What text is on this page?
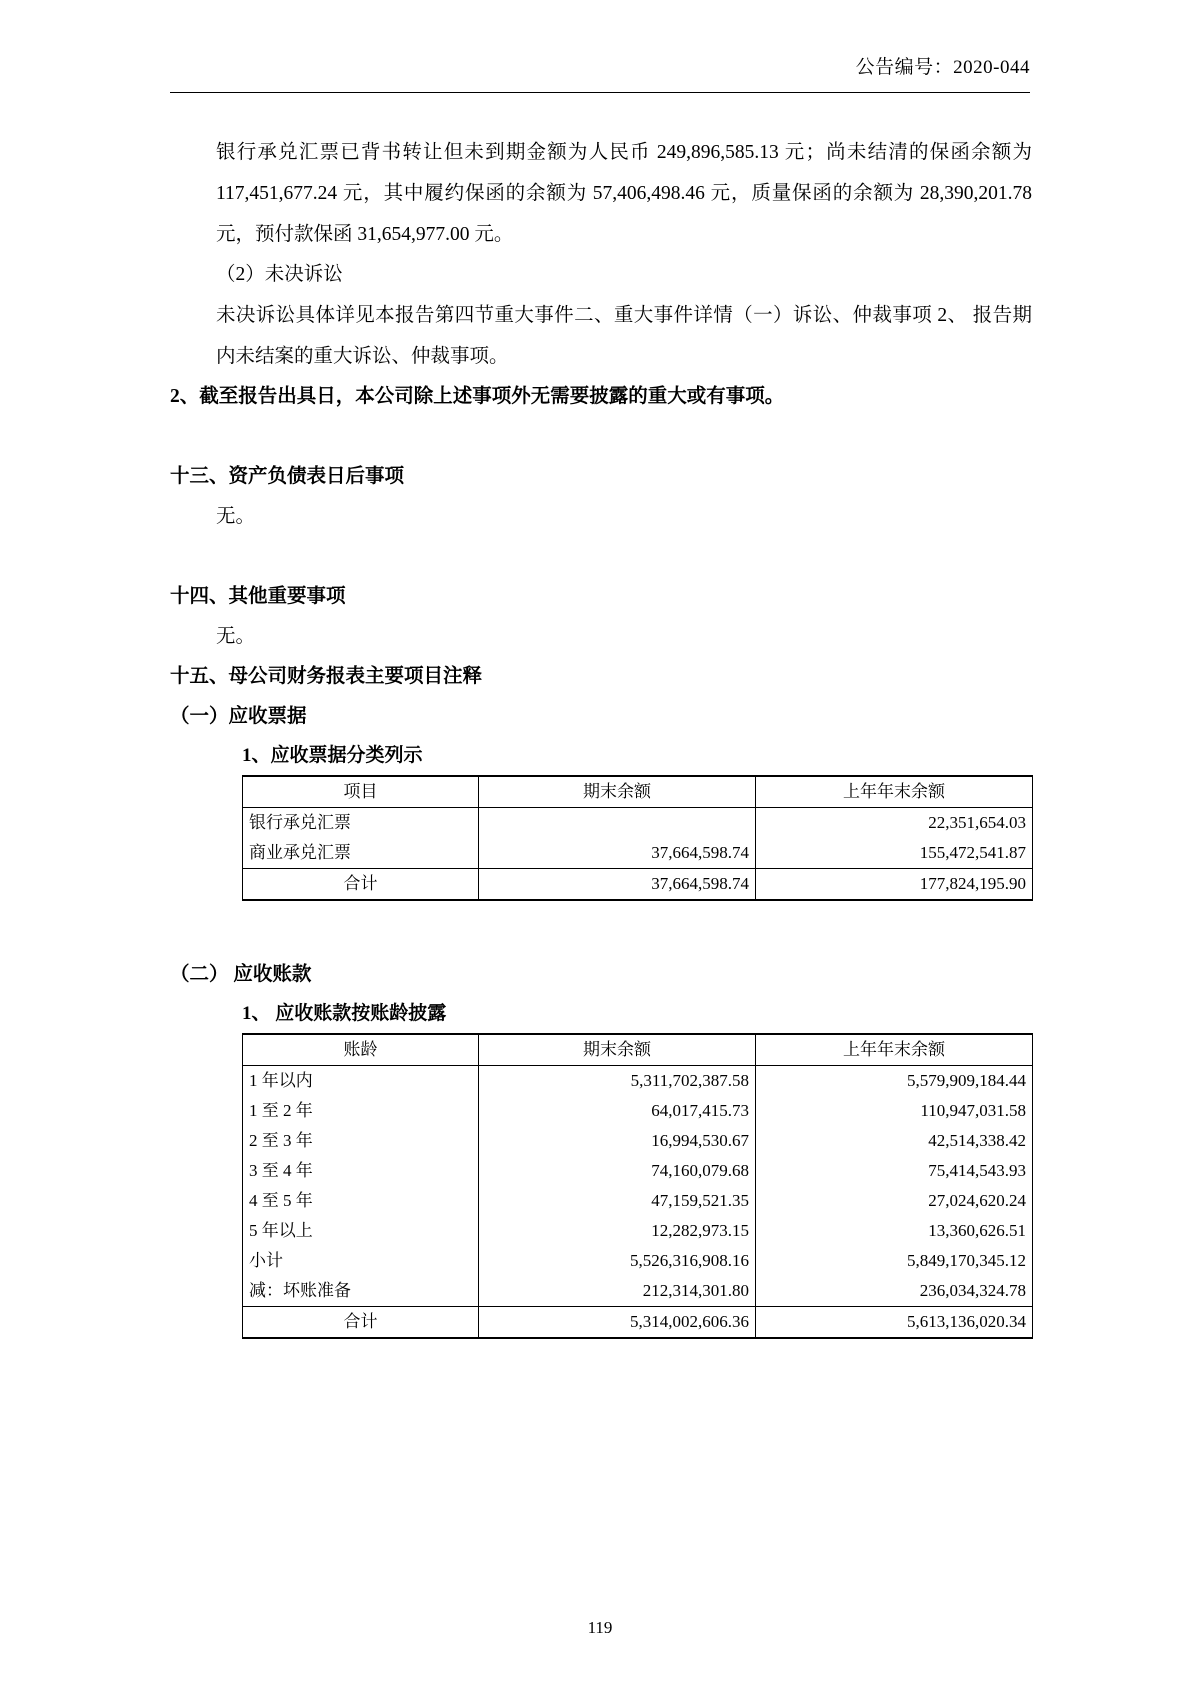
公告编号：2020-044

银行承兑汇票已背书转让但未到期金额为人民币 249,896,585.13 元；尚未结清的保函余额为 117,451,677.24 元，其中履约保函的余额为 57,406,498.46 元，质量保函的余额为 28,390,201.78 元，预付款保函 31,654,977.00 元。

（2）未决诉讼

未决诉讼具体详见本报告第四节重大事件二、重大事件详情（一）诉讼、仲裁事项 2、 报告期内未结案的重大诉讼、仲裁事项。

2、截至报告出具日，本公司除上述事项外无需要披露的重大或有事项。

十三、资产负债表日后事项

无。

十四、其他重要事项

无。

十五、母公司财务报表主要项目注释

（一）应收票据

1、应收票据分类列示

项目	期末余额	上年年末余额
银行承兑汇票		22,351,654.03
商业承兑汇票	37,664,598.74	155,472,541.87
合计	37,664,598.74	177,824,195.90

（二） 应收账款

1、 应收账款按账龄披露

账龄	期末余额	上年年末余额
1 年以内	5,311,702,387.58	5,579,909,184.44
1 至 2 年	64,017,415.73	110,947,031.58
2 至 3 年	16,994,530.67	42,514,338.42
3 至 4 年	74,160,079.68	75,414,543.93
4 至 5 年	47,159,521.35	27,024,620.24
5 年以上	12,282,973.15	13,360,626.51
小计	5,526,316,908.16	5,849,170,345.12
减：坏账准备	212,314,301.80	236,034,324.78
合计	5,314,002,606.36	5,613,136,020.34
119
